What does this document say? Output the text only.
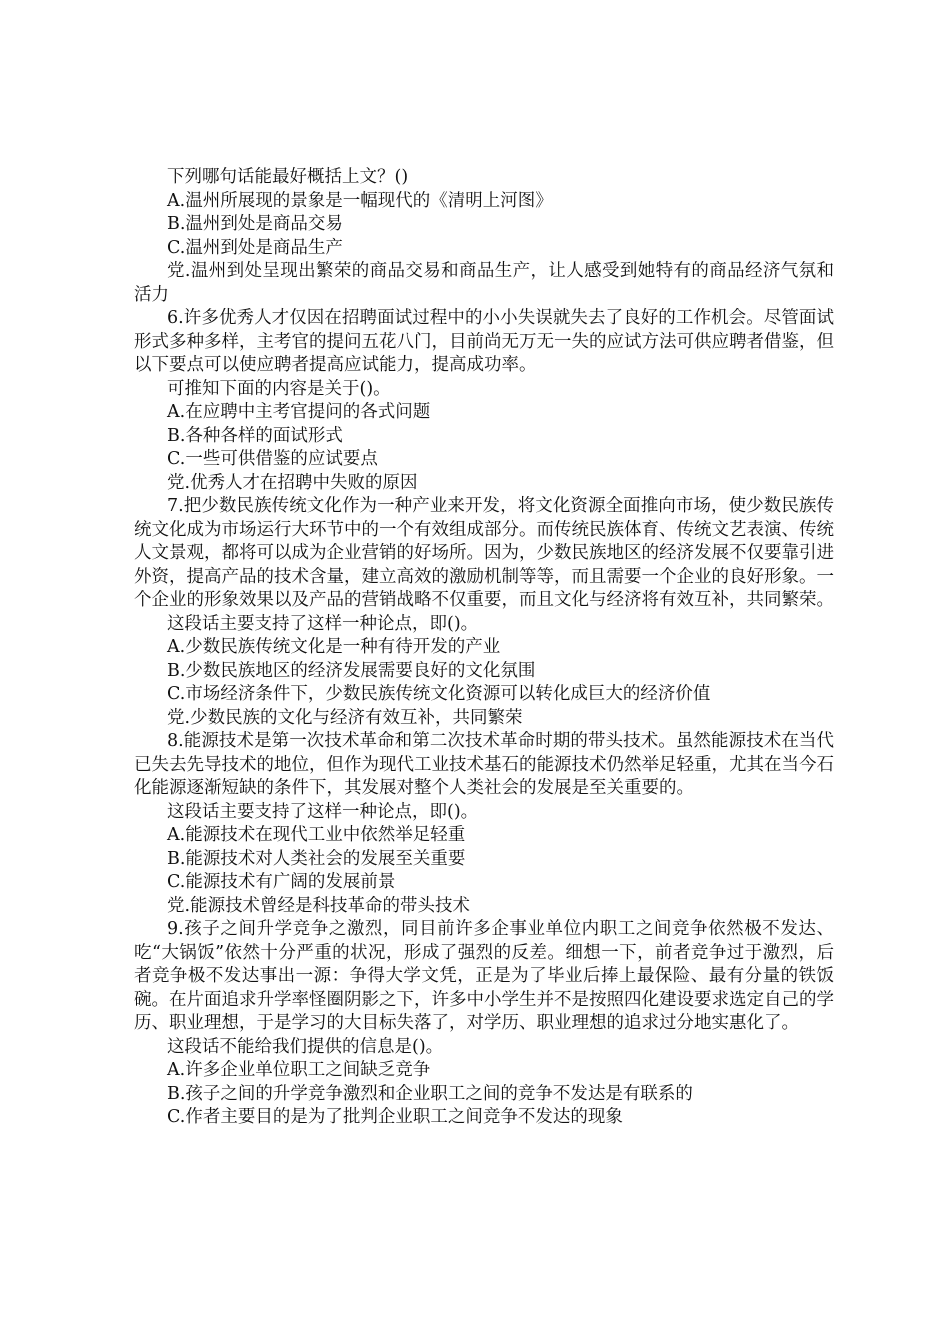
下列哪句话能最好概括上文？()

A.温州所展现的景象是一幅现代的《清明上河图》

B.温州到处是商品交易

C.温州到处是商品生产

党.温州到处呈现出繁荣的商品交易和商品生产，让人感受到她特有的商品经济气氛和活力

6.许多优秀人才仅因在招聘面试过程中的小小失误就失去了良好的工作机会。尽管面试形式多种多样，主考官的提问五花八门，目前尚无万无一失的应试方法可供应聘者借鉴，但以下要点可以使应聘者提高应试能力，提高成功率。

可推知下面的内容是关于()。

A.在应聘中主考官提问的各式问题

B.各种各样的面试形式

C.一些可供借鉴的应试要点

党.优秀人才在招聘中失败的原因

7.把少数民族传统文化作为一种产业来开发，将文化资源全面推向市场，使少数民族传统文化成为市场运行大环节中的一个有效组成部分。而传统民族体育、传统文艺表演、传统人文景观，都将可以成为企业营销的好场所。因为，少数民族地区的经济发展不仅要靠引进外资，提高产品的技术含量，建立高效的激励机制等等，而且需要一个企业的良好形象。一个企业的形象效果以及产品的营销战略不仅重要，而且文化与经济将有效互补，共同繁荣。

这段话主要支持了这样一种论点，即()。

A.少数民族传统文化是一种有待开发的产业

B.少数民族地区的经济发展需要良好的文化氛围

C.市场经济条件下，少数民族传统文化资源可以转化成巨大的经济价值

党.少数民族的文化与经济有效互补，共同繁荣

8.能源技术是第一次技术革命和第二次技术革命时期的带头技术。虽然能源技术在当代已失去先导技术的地位，但作为现代工业技术基石的能源技术仍然举足轻重，尤其在当今石化能源逐渐短缺的条件下，其发展对整个人类社会的发展是至关重要的。

这段话主要支持了这样一种论点，即()。

A.能源技术在现代工业中依然举足轻重

B.能源技术对人类社会的发展至关重要

C.能源技术有广阔的发展前景

党.能源技术曾经是科技革命的带头技术

9.孩子之间升学竞争之激烈，同目前许多企事业单位内职工之间竞争依然极不发达、吃“大锅饭”依然十分严重的状况，形成了强烈的反差。细想一下，前者竞争过于激烈，后者竞争极不发达事出一源：争得大学文凭，正是为了毕业后捧上最保险、最有分量的铁饭碗。在片面追求升学率怪圈阴影之下，许多中小学生并不是按照四化建设要求选定自己的学历、职业理想，于是学习的大目标失落了，对学历、职业理想的追求过分地实惠化了。

这段话不能给我们提供的信息是()。

A.许多企业单位职工之间缺乏竞争

B.孩子之间的升学竞争激烈和企业职工之间的竞争不发达是有联系的

C.作者主要目的是为了批判企业职工之间竞争不发达的现象
